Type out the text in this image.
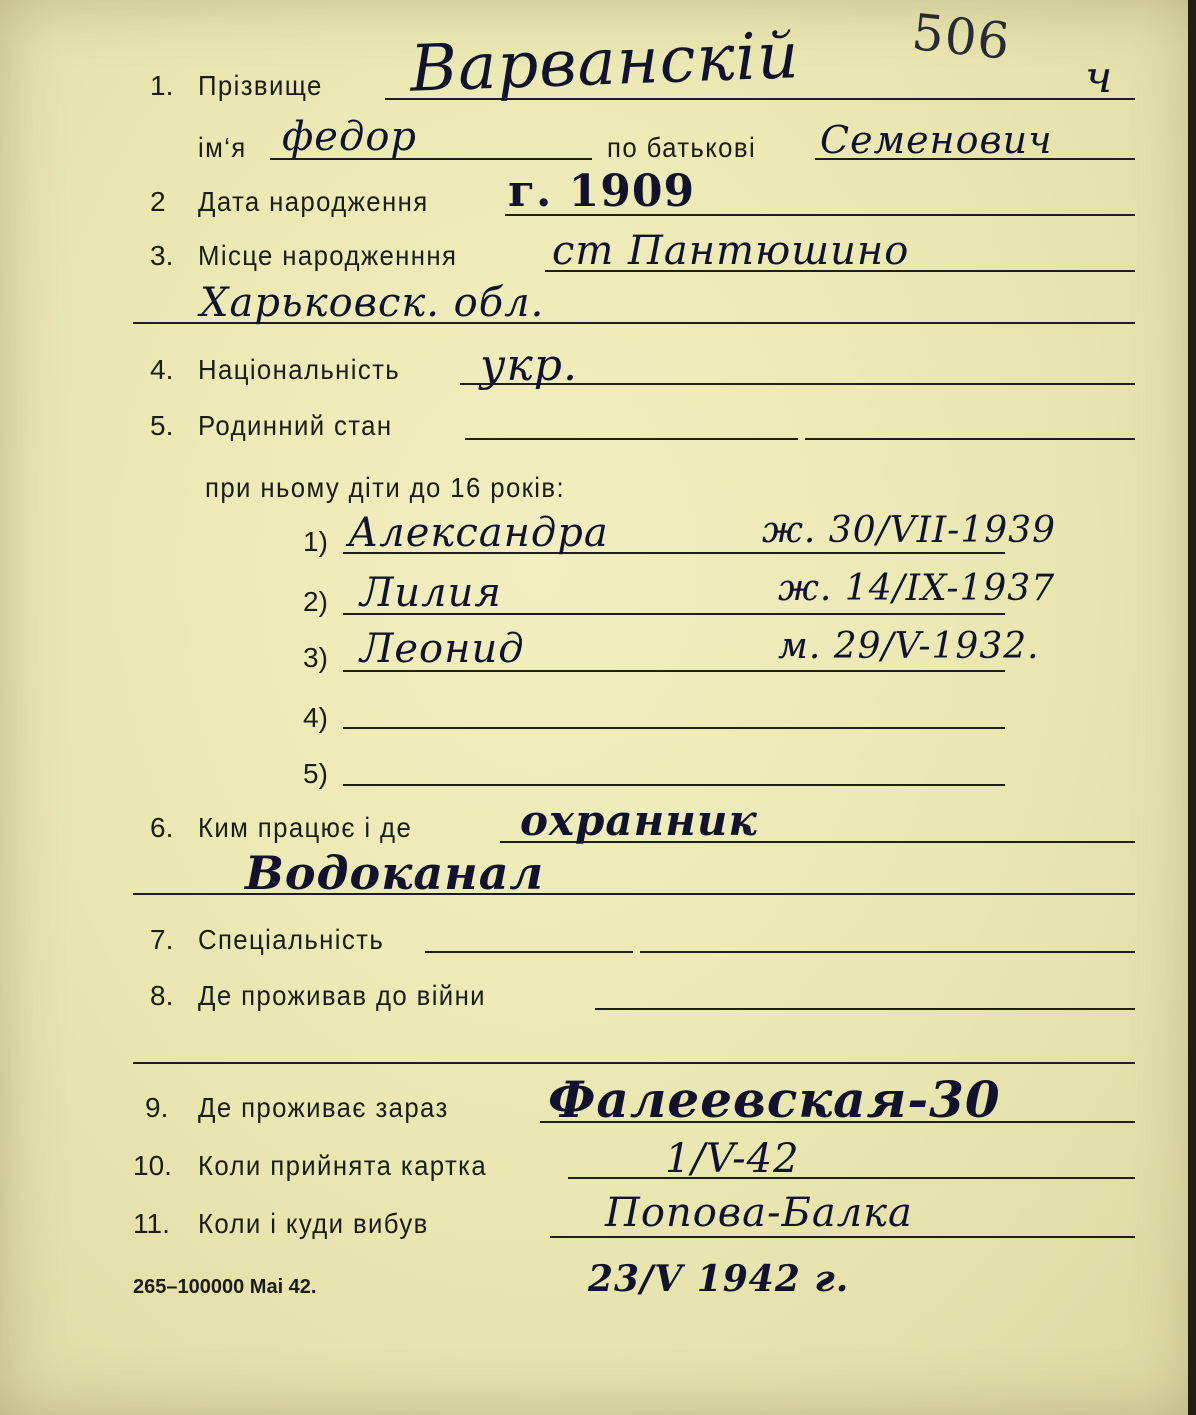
506
1. Прізвище Варванскій	ч
ім‘я федор	по батькові Семенович
2 Дата народження г. 1909
3. Місце народженння ст Пантюшино
Харьковск. обл.
4. Національність укр.
5. Родинний стан
при ньому діти до 16 років:
1) Александра	ж. 30/VII-1939
2) Лилия	ж. 14/IX-1937
3) Леонид	м. 29/V-1932.
4)
5)
6. Ким працює і де	охранник
Водоканал
7. Спеціальність
8. Де проживав до війни
9. Де проживає зараз Фалеевская-30
10. Коли прийнята картка	1/V-42
11. Коли і куди вибув	Попова-Балка
23/V 1942 г.
265–100000 Mai 42.
